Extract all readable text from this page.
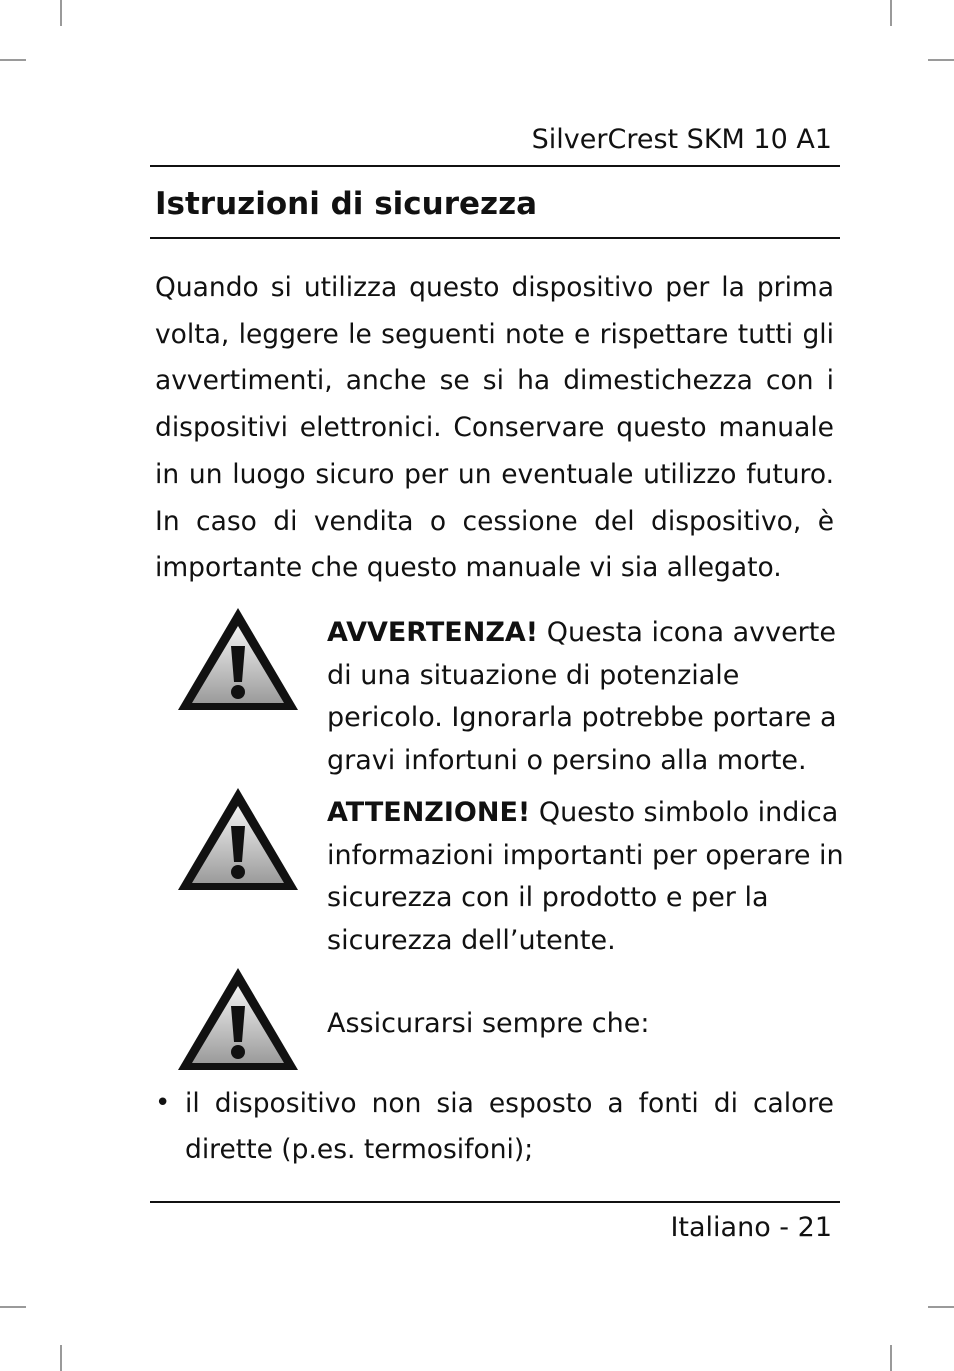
SilverCrest SKM 10 A1
Istruzioni di sicurezza
Quando si utilizza questo dispositivo per la prima volta, leggere le seguenti note e rispettare tutti gli avvertimenti, anche se si ha dimestichezza con i dispositivi elettronici. Conservare questo manuale in un luogo sicuro per un eventuale utilizzo futuro. In caso di vendita o cessione del dispositivo, è importante che questo manuale vi sia allegato.
AVVERTENZA! Questa icona avverte di una situazione di potenziale pericolo. Ignorarla potrebbe portare a gravi infortuni o persino alla morte.
ATTENZIONE! Questo simbolo indica informazioni importanti per operare in sicurezza con il prodotto e per la sicurezza dell’utente.
Assicurarsi sempre che:
• il dispositivo non sia esposto a fonti di calore dirette (p.es. termosifoni);
Italiano - 21
